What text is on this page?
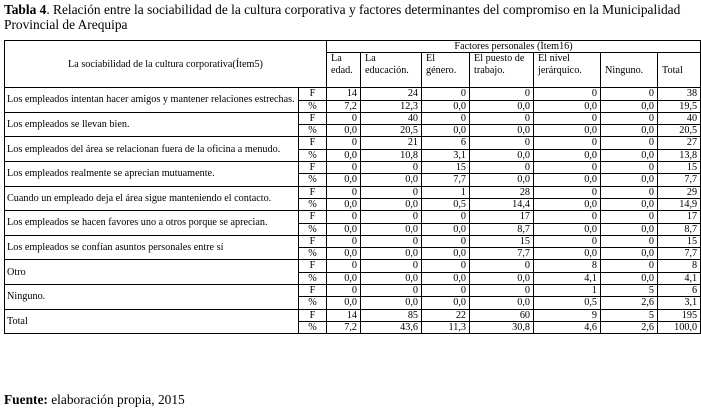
Tabla 4. Relación entre la sociabilidad de la cultura corporativa y factores determinantes del compromiso en la Municipalidad Provincial de Arequipa
La sociabilidad de la cultura corporativa(Ítem5)		Factores personales (Ítem16)						
		La edad.	La educación.	El género.	El puesto de trabajo.	El nivel jerárquico.	Ninguno.	Total
Los empleados intentan hacer amigos y mantener relaciones estrechas.	F	14	24	0	0	0	0	38
	%	7,2	12,3	0,0	0,0	0,0	0,0	19,5
Los empleados se llevan bien.	F	0	40	0	0	0	0	40
	%	0,0	20,5	0,0	0,0	0,0	0,0	20,5
Los empleados del área se relacionan fuera de la oficina a menudo.	F	0	21	6	0	0	0	27
	%	0,0	10,8	3,1	0,0	0,0	0,0	13,8
Los empleados realmente se aprecian mutuamente.	F	0	0	15	0	0	0	15
	%	0,0	0,0	7,7	0,0	0,0	0,0	7,7
Cuando un empleado deja el área sigue manteniendo el contacto.	F	0	0	1	28	0	0	29
	%	0,0	0,0	0,5	14,4	0,0	0,0	14,9
Los empleados se hacen favores uno a otros porque se aprecian.	F	0	0	0	17	0	0	17
	%	0,0	0,0	0,0	8,7	0,0	0,0	8,7
Los empleados se confían asuntos personales entre sí	F	0	0	0	15	0	0	15
	%	0,0	0,0	0,0	7,7	0,0	0,0	7,7
Otro	F	0	0	0	0	8	0	8
	%	0,0	0,0	0,0	0,0	4,1	0,0	4,1
Ninguno.	F	0	0	0	0	1	5	6
	%	0,0	0,0	0,0	0,0	0,5	2,6	3,1
Total	F	14	85	22	60	9	5	195
	%	7,2	43,6	11,3	30,8	4,6	2,6	100,0
Fuente: elaboración propia, 2015
